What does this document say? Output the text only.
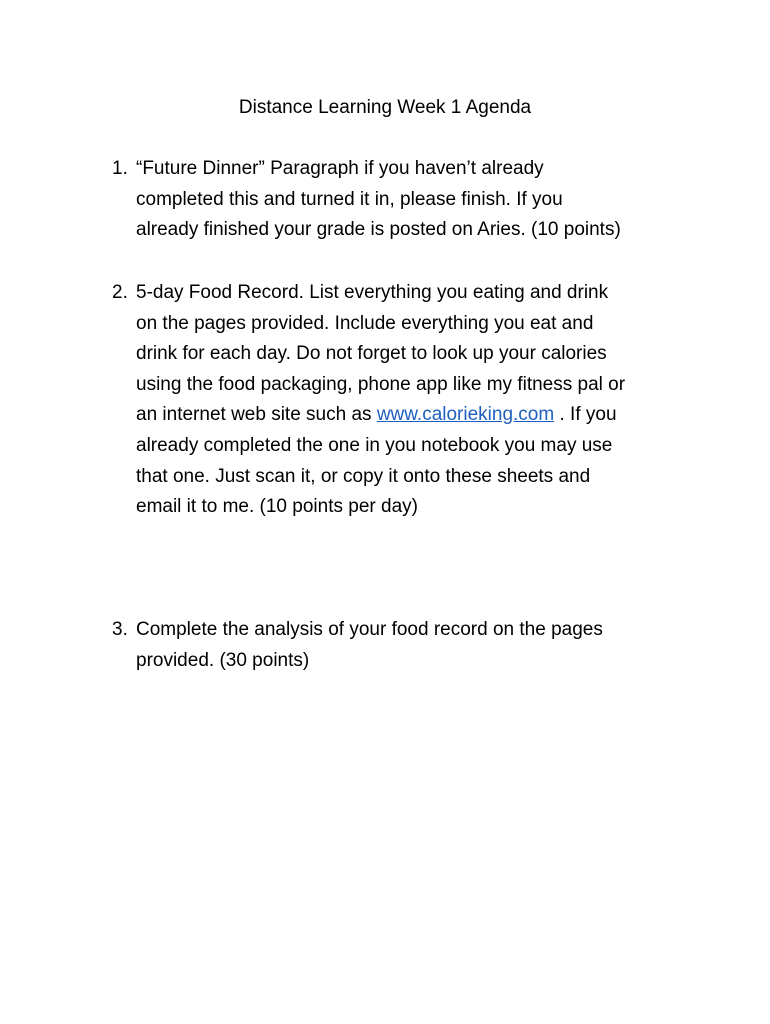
Distance Learning Week 1 Agenda
1. “Future Dinner” Paragraph if you haven’t already
completed this and turned it in, please finish. If you
already finished your grade is posted on Aries. (10 points)
2. 5-day Food Record. List everything you eating and drink
on the pages provided. Include everything you eat and
drink for each day. Do not forget to look up your calories
using the food packaging, phone app like my fitness pal or
an internet web site such as www.calorieking.com . If you
already completed the one in you notebook you may use
that one. Just scan it, or copy it onto these sheets and
email it to me. (10 points per day)
3. Complete the analysis of your food record on the pages
provided. (30 points)
